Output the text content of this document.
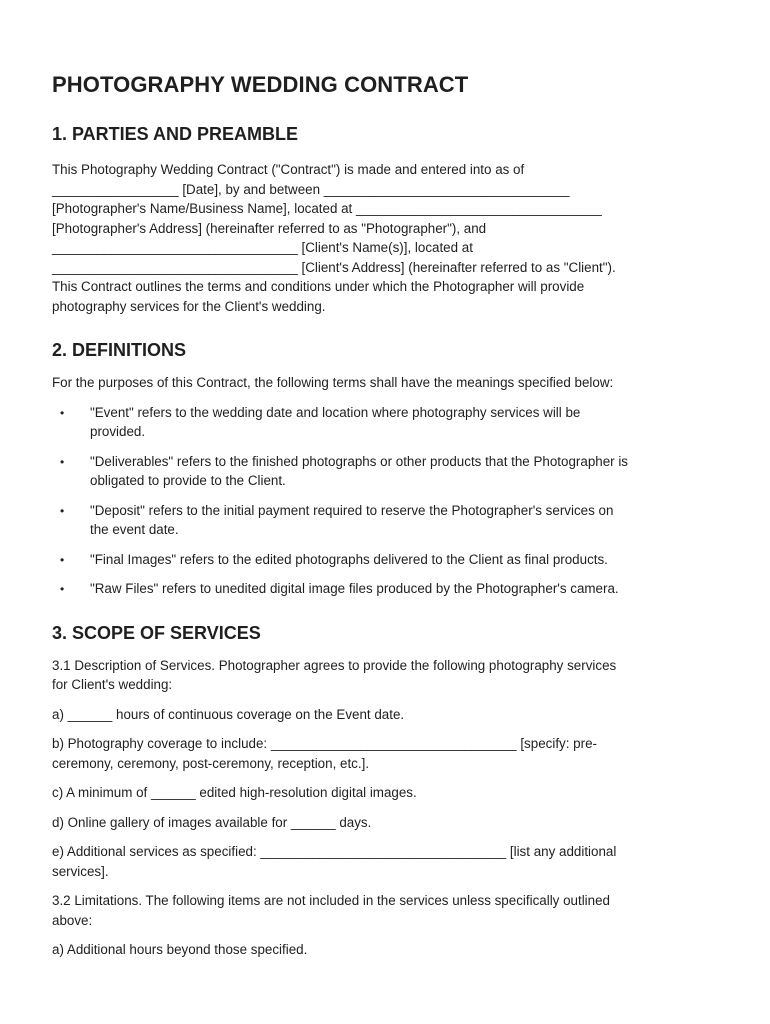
PHOTOGRAPHY WEDDING CONTRACT
1. PARTIES AND PREAMBLE

This Photography Wedding Contract ("Contract") is made and entered into as of
_________________ [Date], by and between _________________________________
[Photographer's Name/Business Name], located at _________________________________
[Photographer's Address] (hereinafter referred to as "Photographer"), and
_________________________________ [Client's Name(s)], located at
_________________________________ [Client's Address] (hereinafter referred to as "Client").
This Contract outlines the terms and conditions under which the Photographer will provide
photography services for the Client's wedding.

2. DEFINITIONS

For the purposes of this Contract, the following terms shall have the meanings specified below:

• "Event" refers to the wedding date and location where photography services will be
provided.
• "Deliverables" refers to the finished photographs or other products that the Photographer is
obligated to provide to the Client.
• "Deposit" refers to the initial payment required to reserve the Photographer's services on
the event date.
• "Final Images" refers to the edited photographs delivered to the Client as final products.
• "Raw Files" refers to unedited digital image files produced by the Photographer's camera.
3. SCOPE OF SERVICES

3.1 Description of Services. Photographer agrees to provide the following photography services
for Client's wedding:

a) ______ hours of continuous coverage on the Event date.

b) Photography coverage to include: _________________________________ [specify: pre-
ceremony, ceremony, post-ceremony, reception, etc.].

c) A minimum of ______ edited high-resolution digital images.

d) Online gallery of images available for ______ days.

e) Additional services as specified: _________________________________ [list any additional
services].

3.2 Limitations. The following items are not included in the services unless specifically outlined
above:

a) Additional hours beyond those specified.
